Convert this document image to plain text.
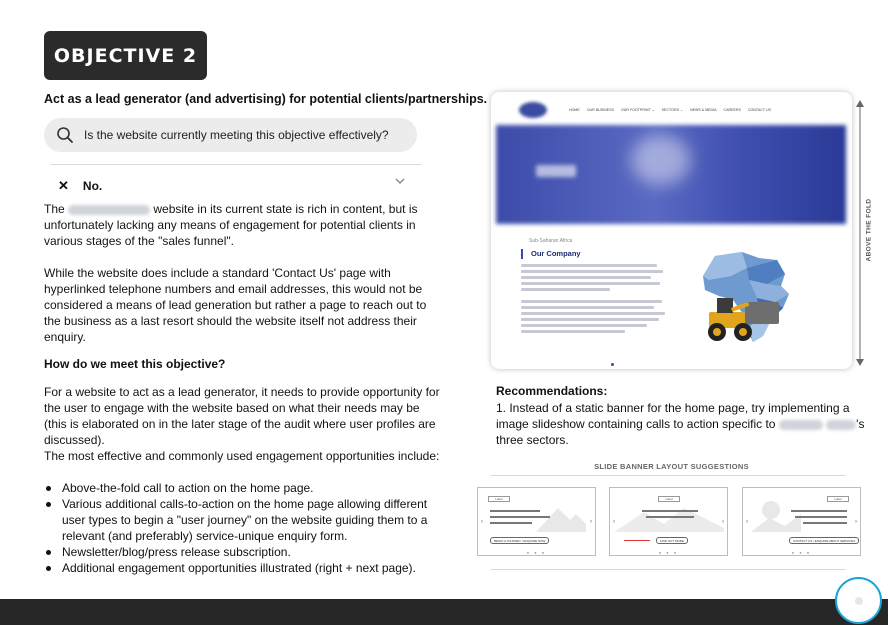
OBJECTIVE 2
Act as a lead generator (and advertising) for potential clients/partnerships.
Is the website currently meeting this objective effectively?
✕ No.
The	website in its current state is rich in content, but is unfortunately lacking any means of engagement for potential clients in various stages of the "sales funnel".
While the website does include a standard 'Contact Us' page with hyperlinked telephone numbers and email addresses, this would not be considered a means of lead generation but rather a page to reach out to the business as a last resort should the website itself not address their enquiry.
How do we meet this objective?
For a website to act as a lead generator, it needs to provide opportunity for the user to engage with the website based on what their needs may be (this is elaborated on in the later stage of the audit where user profiles are discussed).
The most effective and commonly used engagement opportunities include:
Above-the-fold call to action on the home page.
Various additional calls-to-action on the home page allowing different user types to begin a "user journey" on the website guiding them to a relevant (and preferably) service-unique enquiry form.
Newsletter/blog/press release subscription.
Additional engagement opportunities illustrated (right + next page).
HOME OUR BUSINESS OUR FOOTPRINT ⌄ SECTORS ⌄ NEWS & MEDIA CAREERS CONTACT US
Sub-Saharan Africa
Our Company	ABOVE THE FOLD
Recommendations:
1. Instead of a static banner for the home page, try implementing a image slideshow containing calls to action specific to	's three sectors.
SLIDE BANNER LAYOUT SUGGESTIONS
Label
‹	›
BEGIN A JOURNEY / ENQUIRE NOW
● ● ●
Label
‹	›
FIND OUT MORE
● ● ●
Label
‹	›
CONTACT US / ENQUIRE ABOUT SERVICES
● ● ●
